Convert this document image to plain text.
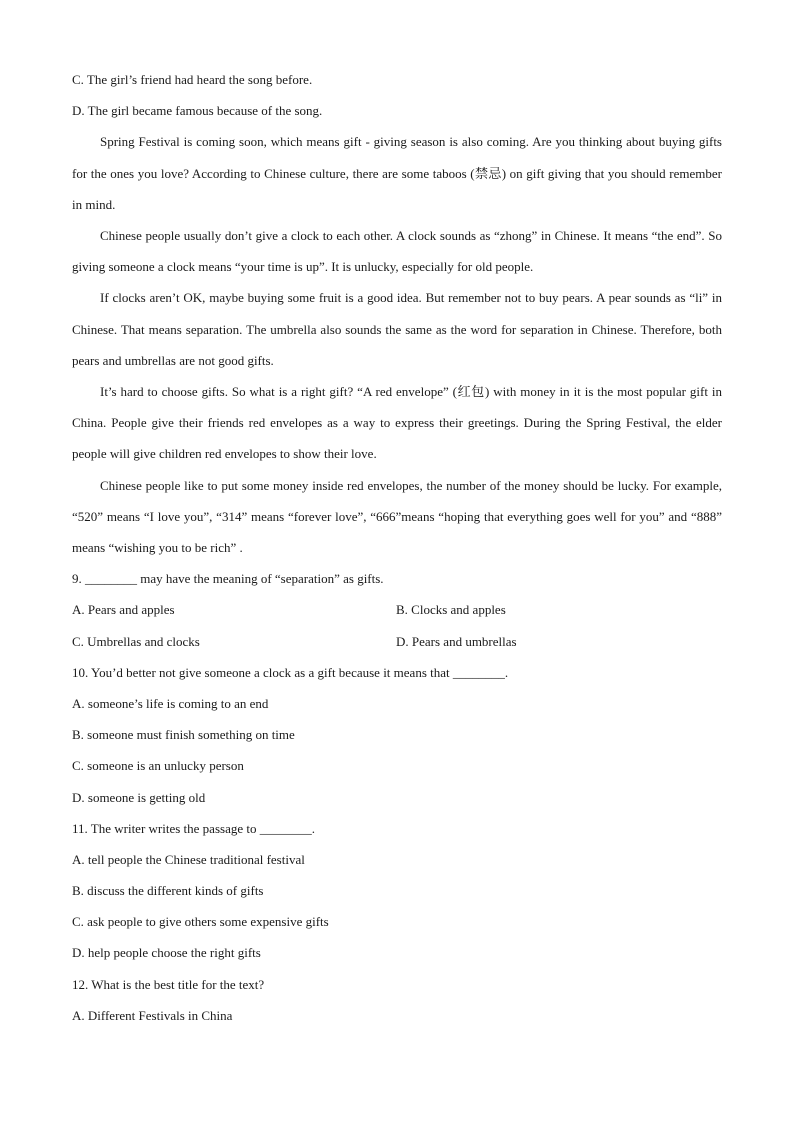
C. The girl’s friend had heard the song before.
D. The girl became famous because of the song.

Spring Festival is coming soon, which means gift - giving season is also coming. Are you thinking about buying gifts for the ones you love? According to Chinese culture, there are some taboos (禁忌) on gift giving that you should remember in mind.

Chinese people usually don’t give a clock to each other. A clock sounds as “zhong” in Chinese. It means “the end”. So giving someone a clock means “your time is up”. It is unlucky, especially for old people.

If clocks aren’t OK, maybe buying some fruit is a good idea. But remember not to buy pears. A pear sounds as “li” in Chinese. That means separation. The umbrella also sounds the same as the word for separation in Chinese. Therefore, both pears and umbrellas are not good gifts.

It’s hard to choose gifts. So what is a right gift? “A red envelope” (红包) with money in it is the most popular gift in China. People give their friends red envelopes as a way to express their greetings. During the Spring Festival, the elder people will give children red envelopes to show their love.

Chinese people like to put some money inside red envelopes, the number of the money should be lucky. For example, “520” means “I love you”, “314” means “forever love”, “666”means “hoping that everything goes well for you” and “888” means “wishing you to be rich” .

9. ________ may have the meaning of “separation” as gifts.
A. Pears and apples	B. Clocks and apples
C. Umbrellas and clocks	D. Pears and umbrellas
10. You’d better not give someone a clock as a gift because it means that ________.
A. someone’s life is coming to an end
B. someone must finish something on time
C. someone is an unlucky person
D. someone is getting old
11. The writer writes the passage to ________.
A. tell people the Chinese traditional festival
B. discuss the different kinds of gifts
C. ask people to give others some expensive gifts
D. help people choose the right gifts
12. What is the best title for the text?
A. Different Festivals in China
